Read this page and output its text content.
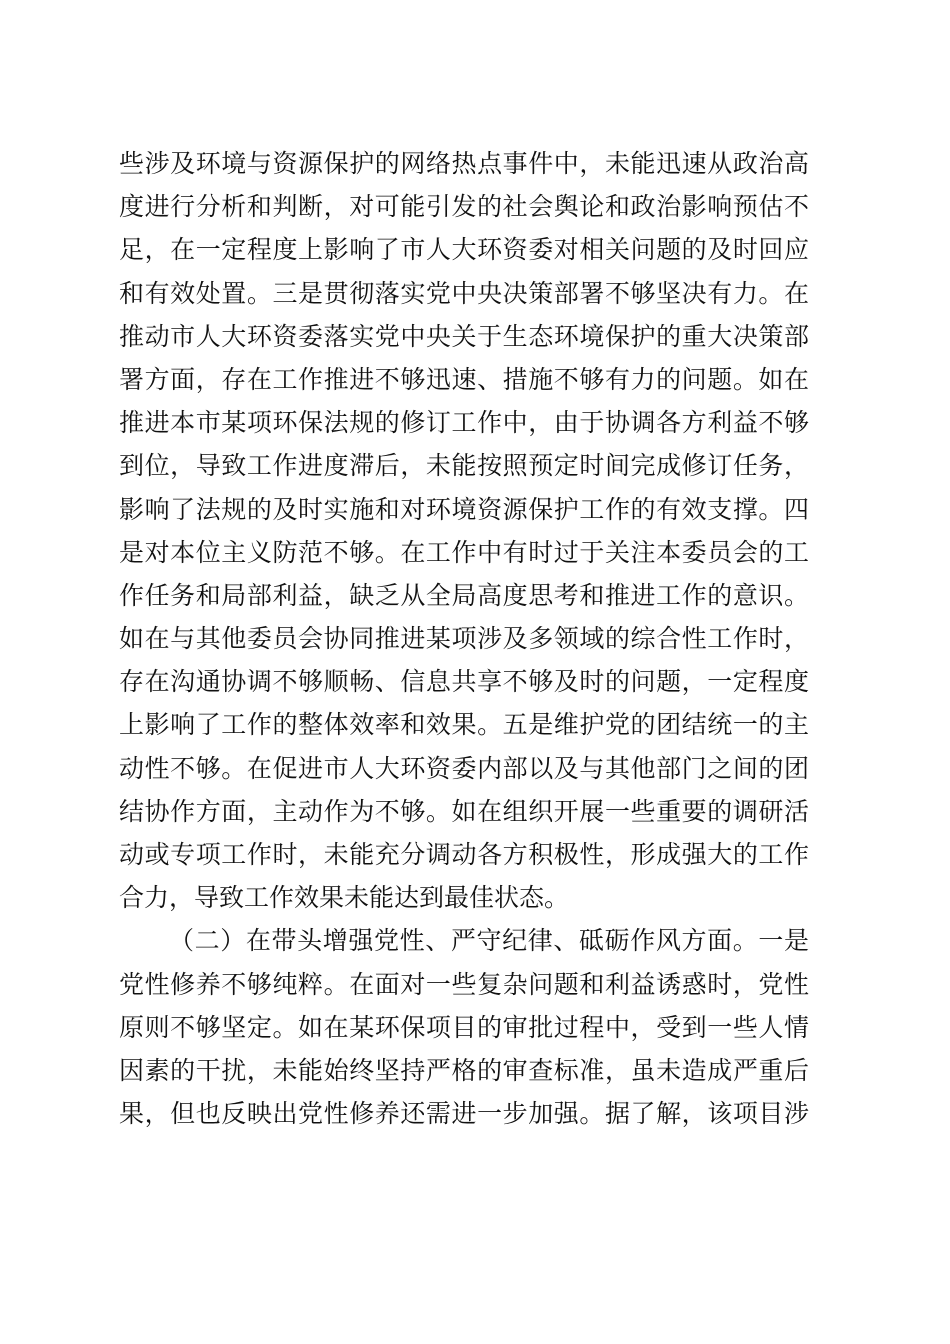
些涉及环境与资源保护的网络热点事件中，未能迅速从政治高
度进行分析和判断，对可能引发的社会舆论和政治影响预估不
足，在一定程度上影响了市人大环资委对相关问题的及时回应
和有效处置。三是贯彻落实党中央决策部署不够坚决有力。在
推动市人大环资委落实党中央关于生态环境保护的重大决策部
署方面，存在工作推进不够迅速、措施不够有力的问题。如在
推进本市某项环保法规的修订工作中，由于协调各方利益不够
到位，导致工作进度滞后，未能按照预定时间完成修订任务，
影响了法规的及时实施和对环境资源保护工作的有效支撑。四
是对本位主义防范不够。在工作中有时过于关注本委员会的工
作任务和局部利益，缺乏从全局高度思考和推进工作的意识。
如在与其他委员会协同推进某项涉及多领域的综合性工作时，
存在沟通协调不够顺畅、信息共享不够及时的问题，一定程度
上影响了工作的整体效率和效果。五是维护党的团结统一的主
动性不够。在促进市人大环资委内部以及与其他部门之间的团
结协作方面，主动作为不够。如在组织开展一些重要的调研活
动或专项工作时，未能充分调动各方积极性，形成强大的工作
合力，导致工作效果未能达到最佳状态。
（二）在带头增强党性、严守纪律、砥砺作风方面。一是
党性修养不够纯粹。在面对一些复杂问题和利益诱惑时，党性
原则不够坚定。如在某环保项目的审批过程中，受到一些人情
因素的干扰，未能始终坚持严格的审查标准，虽未造成严重后
果，但也反映出党性修养还需进一步加强。据了解，该项目涉
